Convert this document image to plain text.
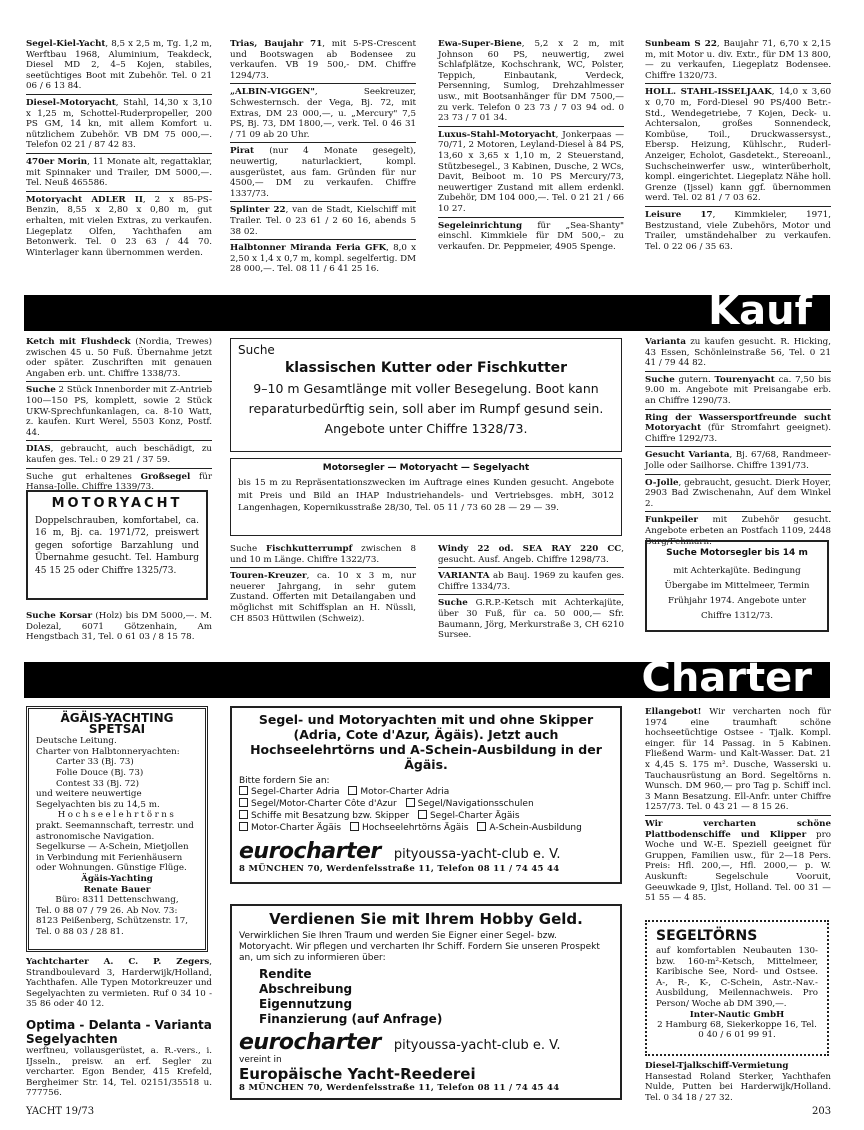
Segel-Kiel-Yacht, 8,5 x 2,5 m, Tg. 1,2 m, Werftbau 1968, Aluminium, Teakdeck, Diesel MD 2, 4–5 Kojen, stabiles, seetüchtiges Boot mit Zubehör. Tel. 0 21 06 / 6 13 84.
Diesel-Motoryacht, Stahl, 14,30 x 3,10 x 1,25 m, Schottel-Ruderpropeller, 200 PS GM, 14 kn, mit allem Komfort u. nützlichem Zubehör. VB DM 75 000,—. Telefon 02 21 / 87 42 83.
470er Morin, 11 Monate alt, regattaklar, mit Spinnaker und Trailer, DM 5000,—. Tel. Neuß 465586.
Motoryacht ADLER II, 2 x 85-PS-Benzin, 8,55 x 2,80 x 0,80 m, gut erhalten, mit vielen Extras, zu verkaufen. Liegeplatz Olfen, Yachthafen am Betonwerk. Tel. 0 23 63 / 44 70. Winterlager kann übernommen werden.
Trias, Baujahr 71, mit 5-PS-Crescent und Bootswagen ab Bodensee zu verkaufen. VB 19 500,- DM. Chiffre 1294/73.
„ALBIN-VIGGEN", Seekreuzer, Schwesternsch. der Vega, Bj. 72, mit Extras, DM 23 000,—, u. „Mercury" 7,5 PS, Bj. 73, DM 1800,—, verk. Tel. 0 46 31 / 71 09 ab 20 Uhr.
Pirat (nur 4 Monate gesegelt), neuwertig, naturlackiert, kompl. ausgerüstet, aus fam. Gründen für nur 4500,— DM zu verkaufen. Chiffre 1337/73.
Splinter 22, van de Stadt, Kielschiff mit Trailer. Tel. 0 23 61 / 2 60 16, abends 5 38 02.
Halbtonner Miranda Feria GFK, 8,0 x 2,50 x 1,4 x 0,7 m, kompl. segelfertig. DM 28 000,—. Tel. 08 11 / 6 41 25 16.
Ewa-Super-Biene, 5,2 x 2 m, mit Johnson 60 PS, neuwertig, zwei Schlafplätze, Kochschrank, WC, Polster, Teppich, Einbautank, Verdeck, Persenning, Sumlog, Drehzahlmesser usw., mit Bootsanhänger für DM 7500,— zu verk. Telefon 0 23 73 / 7 03 94 od. 0 23 73 / 7 01 34.
Luxus-Stahl-Motoryacht, Jonkerpaas — 70/71, 2 Motoren, Leyland-Diesel à 84 PS, 13,60 x 3,65 x 1,10 m, 2 Steuerstand, Stützbesegel., 3 Kabinen, Dusche, 2 WCs, Davit, Beiboot m. 10 PS Mercury/73, neuwertiger Zustand mit allem erdenkl. Zubehör, DM 104 000,—. Tel. 0 21 21 / 66 10 27.
Segeleinrichtung für „Sea-Shanty" einschl. Kimmkiele für DM 500,– zu verkaufen. Dr. Peppmeier, 4905 Spenge.
Sunbeam S 22, Baujahr 71, 6,70 x 2,15 m, mit Motor u. div. Extr., für DM 13 800,— zu verkaufen, Liegeplatz Bodensee. Chiffre 1320/73.
HOLL. STAHL-ISSELJAAK, 14,0 x 3,60 x 0,70 m, Ford-Diesel 90 PS/400 Betr.-Std., Wendegetriebe, 7 Kojen, Deck- u. Achtersalon, großes Sonnendeck, Kombüse, Toil., Druckwassersyst., Ebersp. Heizung, Kühlschr., Ruderl-Anzeiger, Echolot, Gasdetekt., Stereoanl., Suchscheinwerfer usw., winterüberholt, kompl. eingerichtet. Liegeplatz Nähe holl. Grenze (Ijssel) kann ggf. übernommen werd. Tel. 02 81 / 7 03 62.
Leisure 17, Kimmkieler, 1971, Bestzustand, viele Zubehörs, Motor und Trailer, umständehalber zu verkaufen. Tel. 0 22 06 / 35 63.
Kauf
Ketch mit Flushdeck (Nordia, Trewes) zwischen 45 u. 50 Fuß. Übernahme jetzt oder später. Zuschriften mit genauen Angaben erb. unt. Chiffre 1338/73.
Suche 2 Stück Innenborder mit Z-Antrieb 100—150 PS, komplett, sowie 2 Stück UKW-Sprechfunkanlagen, ca. 8-10 Watt, z. kaufen. Kurt Werel, 5503 Konz, Postf. 44.
DIAS, gebraucht, auch beschädigt, zu kaufen ges. Tel.: 0 29 21 / 37 59.
Suche gut erhaltenes Großsegel für Hansa-Jolle. Chiffre 1339/73.
MOTORYACHT
Doppelschrauben, komfortabel, ca. 16 m, Bj. ca. 1971/72, preiswert gegen sofortige Barzahlung und Übernahme gesucht. Tel. Hamburg 45 15 25 oder Chiffre 1325/73.
Suche Korsar (Holz) bis DM 5000,—. M. Dolezal, 6071 Götzenhain, Am Hengstbach 31, Tel. 0 61 03 / 8 15 78.
Suche
klassischen Kutter oder Fischkutter
9–10 m Gesamtlänge mit voller Besegelung. Boot kann reparaturbedürftig sein, soll aber im Rumpf gesund sein. Angebote unter Chiffre 1328/73.
Motorsegler — Motoryacht — Segelyacht
bis 15 m zu Repräsentationszwecken im Auftrage eines Kunden gesucht. Angebote mit Preis und Bild an IHAP Industriehandels- und Vertriebsges. mbH, 3012 Langenhagen, Kopernikusstraße 28/30, Tel. 05 11 / 73 60 28 — 29 — 39.
Suche Fischkutterrumpf zwischen 8 und 10 m Länge. Chiffre 1322/73.
Touren-Kreuzer, ca. 10 x 3 m, nur neuerer Jahrgang, in sehr gutem Zustand. Offerten mit Detailangaben und möglichst mit Schiffsplan an H. Nüssli, CH 8503 Hüttwilen (Schweiz).
Windy 22 od. SEA RAY 220 CC, gesucht. Ausf. Angeb. Chiffre 1298/73.
VARIANTA ab Bauj. 1969 zu kaufen ges. Chiffre 1334/73.
Suche G.R.P.-Ketsch mit Achterkajüte, über 30 Fuß, für ca. 50 000,— Sfr. Baumann, Jörg, Merkurstraße 3, CH 6210 Sursee.
Varianta zu kaufen gesucht. R. Hicking, 43 Essen, Schönleinstraße 56, Tel. 0 21 41 / 79 44 82.
Suche gutern. Tourenyacht ca. 7,50 bis 9.00 m. Angebote mit Preisangabe erb. an Chiffre 1290/73.
Ring der Wassersportfreunde sucht Motoryacht (für Stromfahrt geeignet). Chiffre 1292/73.
Gesucht Varianta, Bj. 67/68, Randmeer-Jolle oder Sailhorse. Chiffre 1391/73.
O-Jolle, gebraucht, gesucht. Dierk Hoyer, 2903 Bad Zwischenahn, Auf dem Winkel 2.
Funkpeiler mit Zubehör gesucht. Angebote erbeten an Postfach 1109, 2448 Burg/Fehmarn.
Suche Motorsegler bis 14 m
mit Achterkajüte. Bedingung Übergabe im Mittelmeer, Termin Frühjahr 1974. Angebote unter Chiffre 1312/73.
Charter
ÄGÄIS-YACHTING
SPETSAI
Deutsche Leitung.
Charter von Halbtonneryachten:
Carter 33 (Bj. 73)
Folie Douce (Bj. 73)
Contest 33 (Bj. 72)
und weitere neuwertige Segelyachten bis zu 14,5 m.
Hochseelehrtörns
prakt. Seemannschaft, terrestr. und astronomische Navigation. Segelkurse — A-Schein, Mietjollen in Verbindung mit Ferienhäusern oder Wohnungen. Günstige Flüge.
Ägäis-Yachting
Renate Bauer
Büro: 8311 Dettenschwang,
Tel. 0 88 07 / 79 26. Ab Nov. 73: 8123 Peißenberg, Schützenstr. 17, Tel. 0 88 03 / 28 81.
Yachtcharter A. C. P. Zegers, Strandboulevard 3, Harderwijk/Holland, Yachthafen. Alle Typen Motorkreuzer und Segelyachten zu vermieten. Ruf 0 34 10 - 35 86 oder 40 12.
Optima - Delanta - Varianta Segelyachten
werftneu, vollausgerüstet, a. R.-vers., i. IJsseln., preisw. an erf. Segler zu vercharter. Egon Bender, 415 Krefeld, Bergheimer Str. 14, Tel. 02151/35518 u. 777756.
Segel- und Motoryachten mit und ohne Skipper (Adria, Cote d'Azur, Ägäis). Jetzt auch Hochseelehrtörns und A-Schein-Ausbildung in der Ägäis.
Bitte fordern Sie an:
Segel-Charter Adria Motor-Charter Adria Segel/Motor-Charter Côte d'Azur Segel/Navigationsschulen Schiffe mit Besatzung bzw. Skipper Segel-Charter Ägäis Motor-Charter Ägäis Hochseelehrtörns Ägäis A-Schein-Ausbildung
eurocharter pityoussa-yacht-club e. V.
8 MÜNCHEN 70, Werdenfelsstraße 11, Telefon 08 11 / 74 45 44
Verdienen Sie mit Ihrem Hobby Geld.
Verwirklichen Sie Ihren Traum und werden Sie Eigner einer Segel- bzw. Motoryacht. Wir pflegen und vercharten Ihr Schiff. Fordern Sie unseren Prospekt an, um sich zu informieren über:
Rendite
Abschreibung
Eigennutzung
Finanzierung (auf Anfrage)
eurocharter pityoussa-yacht-club e. V.
vereint in
Europäische Yacht-Reederei
8 MÜNCHEN 70, Werdenfelsstraße 11, Telefon 08 11 / 74 45 44
Ellangebot! Wir vercharten noch für 1974 eine traumhaft schöne hochseetüchtige Ostsee - Tjalk. Kompl. einger. für 14 Passag. in 5 Kabinen. Fließend Warm- und Kalt-Wasser. Dat. 21 x 4,45 S. 175 m². Dusche, Wasserski u. Tauchausrüstung an Bord. Segeltörns n. Wunsch. DM 960,— pro Tag p. Schiff incl. 3 Mann Besatzung. Ell-Anfr. unter Chiffre 1257/73. Tel. 0 43 21 — 8 15 26.
Wir vercharten schöne Plattbodenschiffe und Klipper pro Woche und W.-E. Speziell geeignet für Gruppen, Familien usw., für 2—18 Pers. Preis: Hfl. 200,—, Hfl. 2000,— p. W. Auskunft: Segelschule Vooruit, Geeuwkade 9, IJlst, Holland. Tel. 00 31 — 51 55 — 4 85.
SEGELTÖRNS
auf komfortablen Neubauten 130- bzw. 160-m²-Ketsch, Mittelmeer, Karibische See, Nord- und Ostsee. A-, R-, K-, C-Schein, Astr.-Nav.-Ausbildung, Meilennachweis. Pro Person/ Woche ab DM 390,—.
Inter-Nautic GmbH
2 Hamburg 68, Siekerkoppe 16, Tel. 0 40 / 6 01 99 91.
Diesel-Tjalkschiff-Vermietung Hansestad Roland Sterker, Yachthafen Nulde, Putten bei Harderwijk/Holland. Tel. 0 34 18 / 27 32.
YACHT 19/73	203
